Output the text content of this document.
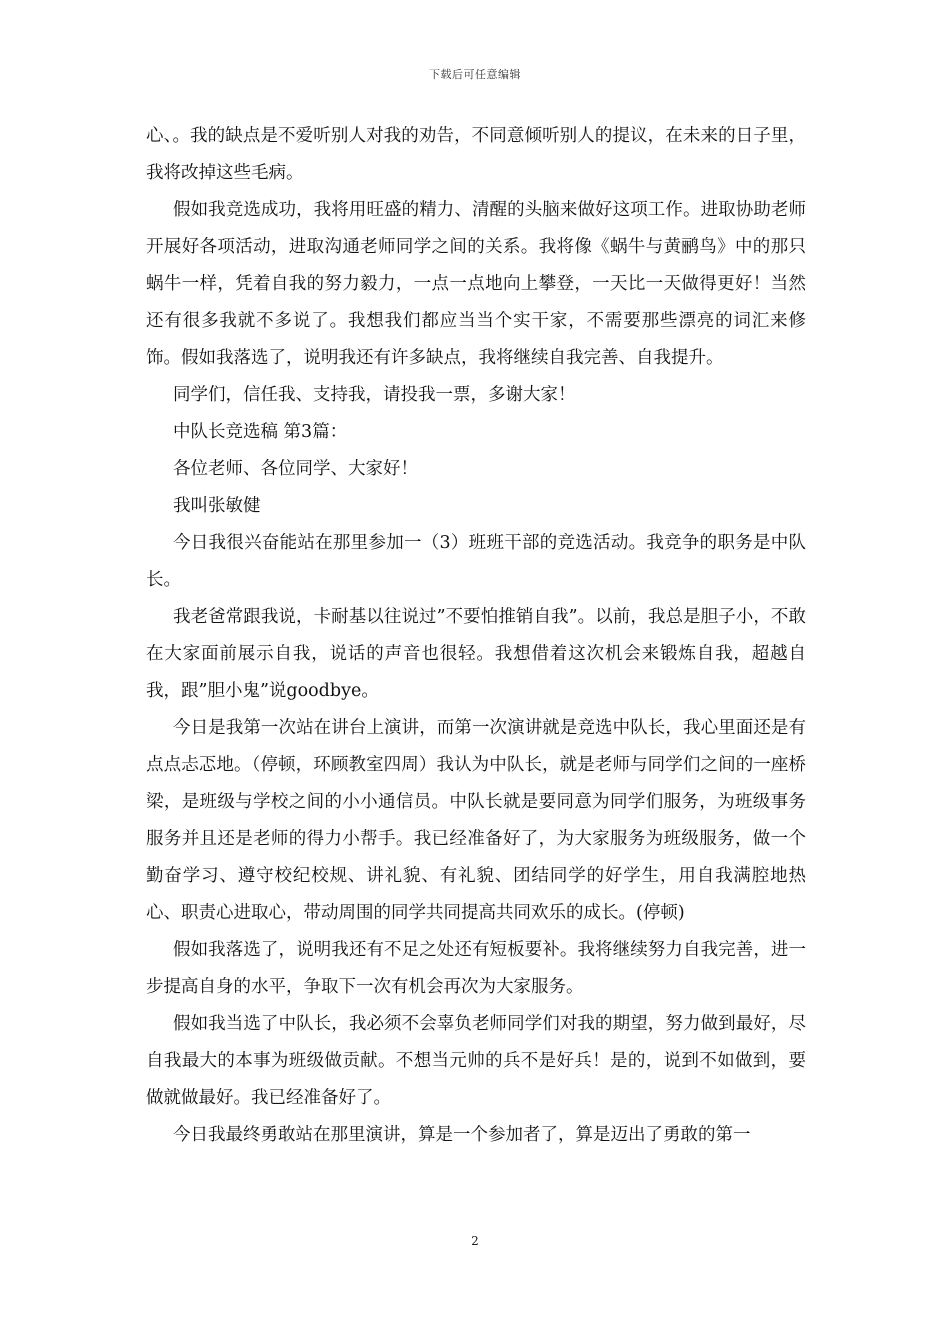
下载后可任意编辑

心、。我的缺点是不爱听别人对我的劝告，不同意倾听别人的提议，在未来的日子里，我将改掉这些毛病。

假如我竞选成功，我将用旺盛的精力、清醒的头脑来做好这项工作。进取协助老师开展好各项活动，进取沟通老师同学之间的关系。我将像《蜗牛与黄鹂鸟》中的那只蜗牛一样，凭着自我的努力毅力，一点一点地向上攀登，一天比一天做得更好！当然还有很多我就不多说了。我想我们都应当当个实干家，不需要那些漂亮的词汇来修饰。假如我落选了，说明我还有许多缺点，我将继续自我完善、自我提升。

同学们，信任我、支持我，请投我一票，多谢大家！

中队长竞选稿 第3篇：

各位老师、各位同学、大家好！

我叫张敏健

今日我很兴奋能站在那里参加一（3）班班干部的竞选活动。我竞争的职务是中队长。

我老爸常跟我说，卡耐基以往说过”不要怕推销自我”。以前，我总是胆子小，不敢在大家面前展示自我，说话的声音也很轻。我想借着这次机会来锻炼自我，超越自我，跟”胆小鬼”说goodbye。

今日是我第一次站在讲台上演讲，而第一次演讲就是竞选中队长，我心里面还是有点点忐忑地。（停顿，环顾教室四周）我认为中队长，就是老师与同学们之间的一座桥梁，是班级与学校之间的小小通信员。中队长就是要同意为同学们服务，为班级事务服务并且还是老师的得力小帮手。我已经准备好了，为大家服务为班级服务，做一个勤奋学习、遵守校纪校规、讲礼貌、有礼貌、团结同学的好学生，用自我满腔地热心、职责心进取心，带动周围的同学共同提高共同欢乐的成长。(停顿)

假如我落选了，说明我还有不足之处还有短板要补。我将继续努力自我完善，进一步提高自身的水平，争取下一次有机会再次为大家服务。

假如我当选了中队长，我必须不会辜负老师同学们对我的期望，努力做到最好，尽自我最大的本事为班级做贡献。不想当元帅的兵不是好兵！是的，说到不如做到，要做就做最好。我已经准备好了。

今日我最终勇敢站在那里演讲，算是一个参加者了，算是迈出了勇敢的第一

2
